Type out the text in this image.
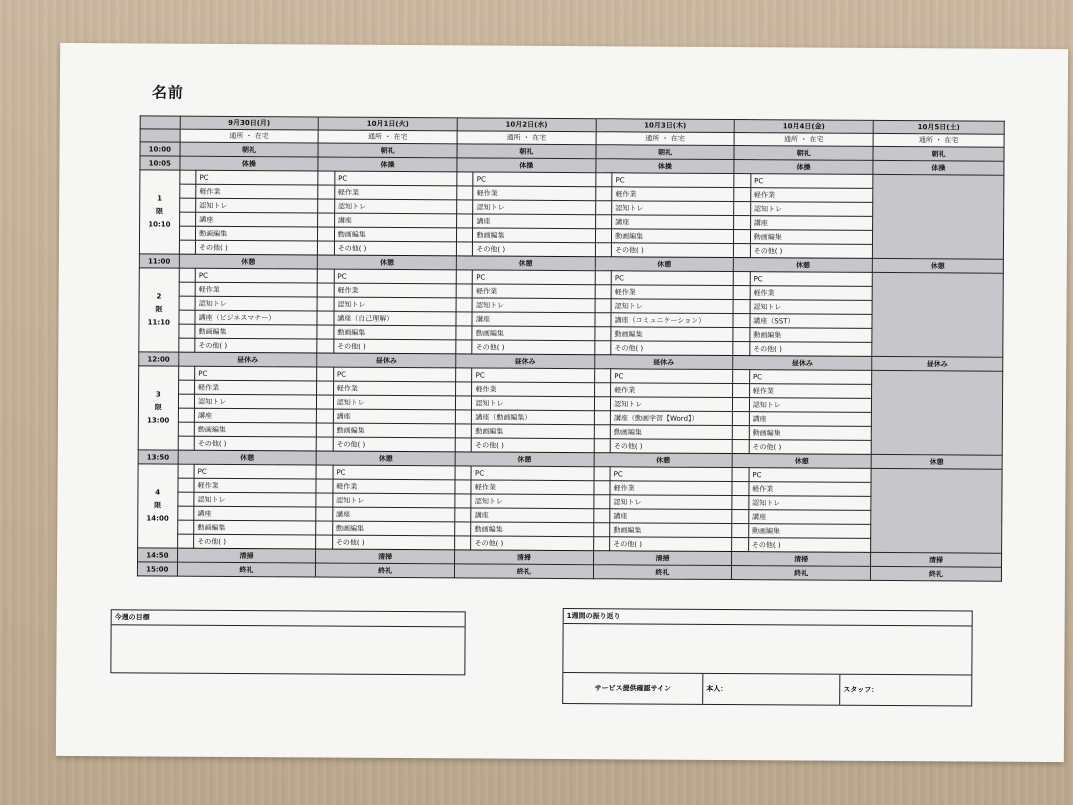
名前
	9月30日(月)		10月1日(火)		10月2日(水)		10月3日(木)		10月4日(金)		10月5日(土)
	通所 ・ 在宅		通所 ・ 在宅		通所 ・ 在宅		通所 ・ 在宅		通所 ・ 在宅		通所 ・ 在宅
10:00	朝礼		朝礼		朝礼		朝礼		朝礼		朝礼
10:05	体操		体操		体操		体操		体操		体操

1
限
10:10		PC		PC		PC		PC		PC	
		軽作業		軽作業		軽作業		軽作業		軽作業	
		認知トレ		認知トレ		認知トレ		認知トレ		認知トレ	
		講座		講座		講座		講座		講座	
		動画編集		動画編集		動画編集		動画編集		動画編集	
		その他( )		その他( )		その他( )		その他( )		その他( )	
11:00	休憩		休憩		休憩		休憩		休憩		休憩

2
限
11:10		PC		PC		PC		PC		PC	
		軽作業		軽作業		軽作業		軽作業		軽作業	
		認知トレ		認知トレ		認知トレ		認知トレ		認知トレ	
		講座（ビジネスマナー）		講座（自己理解）		講座		講座（コミュニケーション）		講座（SST）	
		動画編集		動画編集		動画編集		動画編集		動画編集	
		その他( )		その他( )		その他( )		その他( )		その他( )	
12:00	昼休み		昼休み		昼休み		昼休み		昼休み		昼休み

3
限
13:00		PC		PC		PC		PC		PC	
		軽作業		軽作業		軽作業		軽作業		軽作業	
		認知トレ		認知トレ		認知トレ		認知トレ		認知トレ	
		講座		講座		講座（動画編集）		講座（動画学習【Word】）		講座	
		動画編集		動画編集		動画編集		動画編集		動画編集	
		その他( )		その他( )		その他( )		その他( )		その他( )	
13:50	休憩		休憩		休憩		休憩		休憩		休憩

4
限
14:00		PC		PC		PC		PC		PC	
		軽作業		軽作業		軽作業		軽作業		軽作業	
		認知トレ		認知トレ		認知トレ		認知トレ		認知トレ	
		講座		講座		講座		講座		講座	
		動画編集		動画編集		動画編集		動画編集		動画編集	
		その他( )		その他( )		その他( )		その他( )		その他( )	
14:50	清掃		清掃		清掃		清掃		清掃		清掃
15:00	終礼		終礼		終礼		終礼		終礼		終礼
今週の目標	1週間の振り返り
サービス提供確認サイン	本人：	スタッフ：
